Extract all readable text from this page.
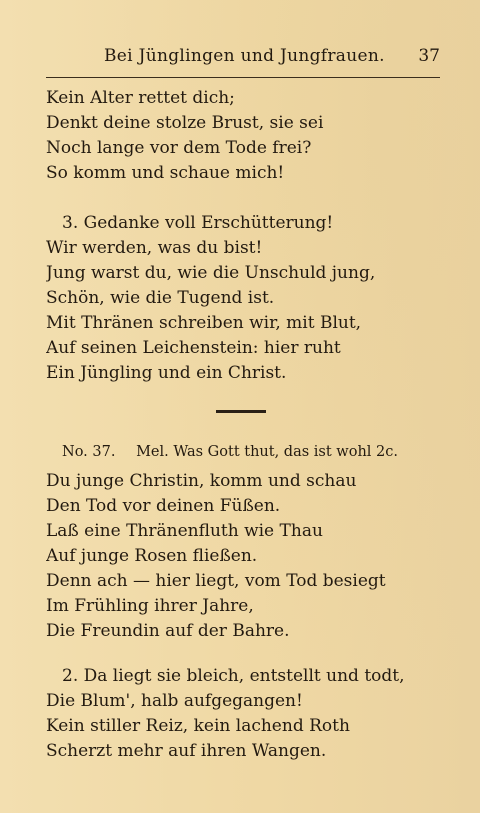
Bei Jünglingen und Jungfrauen. 37
Kein Alter rettet dich;
Denkt deine stolze Brust, sie sei
Noch lange vor dem Tode frei?
So komm und schaue mich!
3. Gedanke voll Erschütterung!
Wir werden, was du bist!
Jung warst du, wie die Unschuld jung,
Schön, wie die Tugend ist.
Mit Thränen schreiben wir, mit Blut,
Auf seinen Leichenstein: hier ruht
Ein Jüngling und ein Christ.
No. 37. Mel. Was Gott thut, das ist wohl 2c.
Du junge Christin, komm und schau
Den Tod vor deinen Füßen.
Laß eine Thränenfluth wie Thau
Auf junge Rosen fließen.
Denn ach — hier liegt, vom Tod besiegt
Im Frühling ihrer Jahre,
Die Freundin auf der Bahre.
2. Da liegt sie bleich, entstellt und todt,
Die Blum', halb aufgegangen!
Kein stiller Reiz, kein lachend Roth
Scherzt mehr auf ihren Wangen.
